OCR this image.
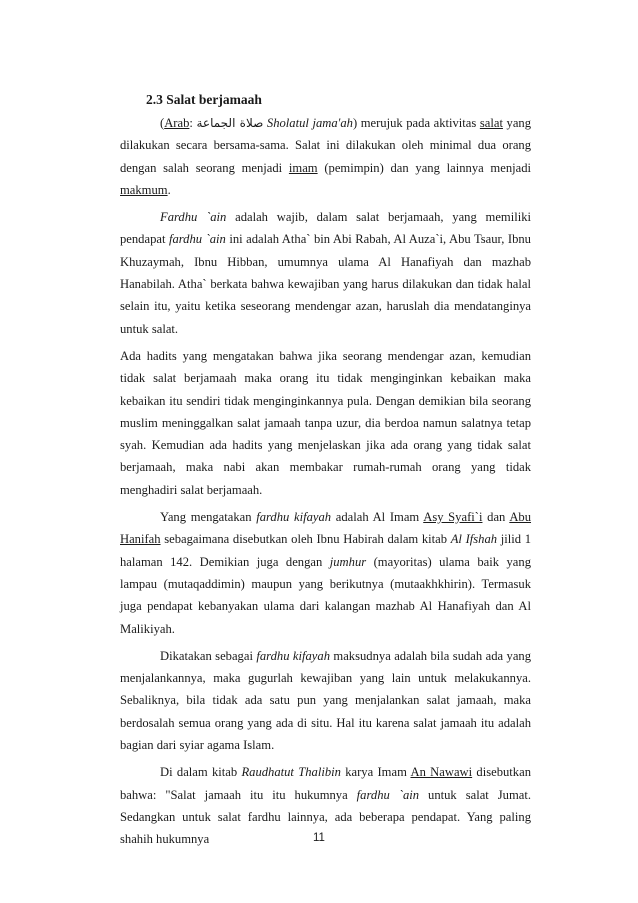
2.3 Salat berjamaah

(Arab: صلاة الجماعة Sholatul jama'ah) merujuk pada aktivitas salat yang dilakukan secara bersama-sama. Salat ini dilakukan oleh minimal dua orang dengan salah seorang menjadi imam (pemimpin) dan yang lainnya menjadi makmum.

Fardhu `ain adalah wajib, dalam salat berjamaah, yang memiliki pendapat fardhu `ain ini adalah Atha` bin Abi Rabah, Al Auza`i, Abu Tsaur, Ibnu Khuzaymah, Ibnu Hibban, umumnya ulama Al Hanafiyah dan mazhab Hanabilah. Atha` berkata bahwa kewajiban yang harus dilakukan dan tidak halal selain itu, yaitu ketika seseorang mendengar azan, haruslah dia mendatanginya untuk salat.

Ada hadits yang mengatakan bahwa jika seorang mendengar azan, kemudian tidak salat berjamaah maka orang itu tidak menginginkan kebaikan maka kebaikan itu sendiri tidak menginginkannya pula. Dengan demikian bila seorang muslim meninggalkan salat jamaah tanpa uzur, dia berdoa namun salatnya tetap syah. Kemudian ada hadits yang menjelaskan jika ada orang yang tidak salat berjamaah, maka nabi akan membakar rumah-rumah orang yang tidak menghadiri salat berjamaah.

Yang mengatakan fardhu kifayah adalah Al Imam Asy Syafi`i dan Abu Hanifah sebagaimana disebutkan oleh Ibnu Habirah dalam kitab Al Ifshah jilid 1 halaman 142. Demikian juga dengan jumhur (mayoritas) ulama baik yang lampau (mutaqaddimin) maupun yang berikutnya (mutaakhkhirin). Termasuk juga pendapat kebanyakan ulama dari kalangan mazhab Al Hanafiyah dan Al Malikiyah.

Dikatakan sebagai fardhu kifayah maksudnya adalah bila sudah ada yang menjalankannya, maka gugurlah kewajiban yang lain untuk melakukannya. Sebaliknya, bila tidak ada satu pun yang menjalankan salat jamaah, maka berdosalah semua orang yang ada di situ. Hal itu karena salat jamaah itu adalah bagian dari syiar agama Islam.

Di dalam kitab Raudhatut Thalibin karya Imam An Nawawi disebutkan bahwa: "Salat jamaah itu itu hukumnya fardhu `ain untuk salat Jumat. Sedangkan untuk salat fardhu lainnya, ada beberapa pendapat. Yang paling shahih hukumnya	11
